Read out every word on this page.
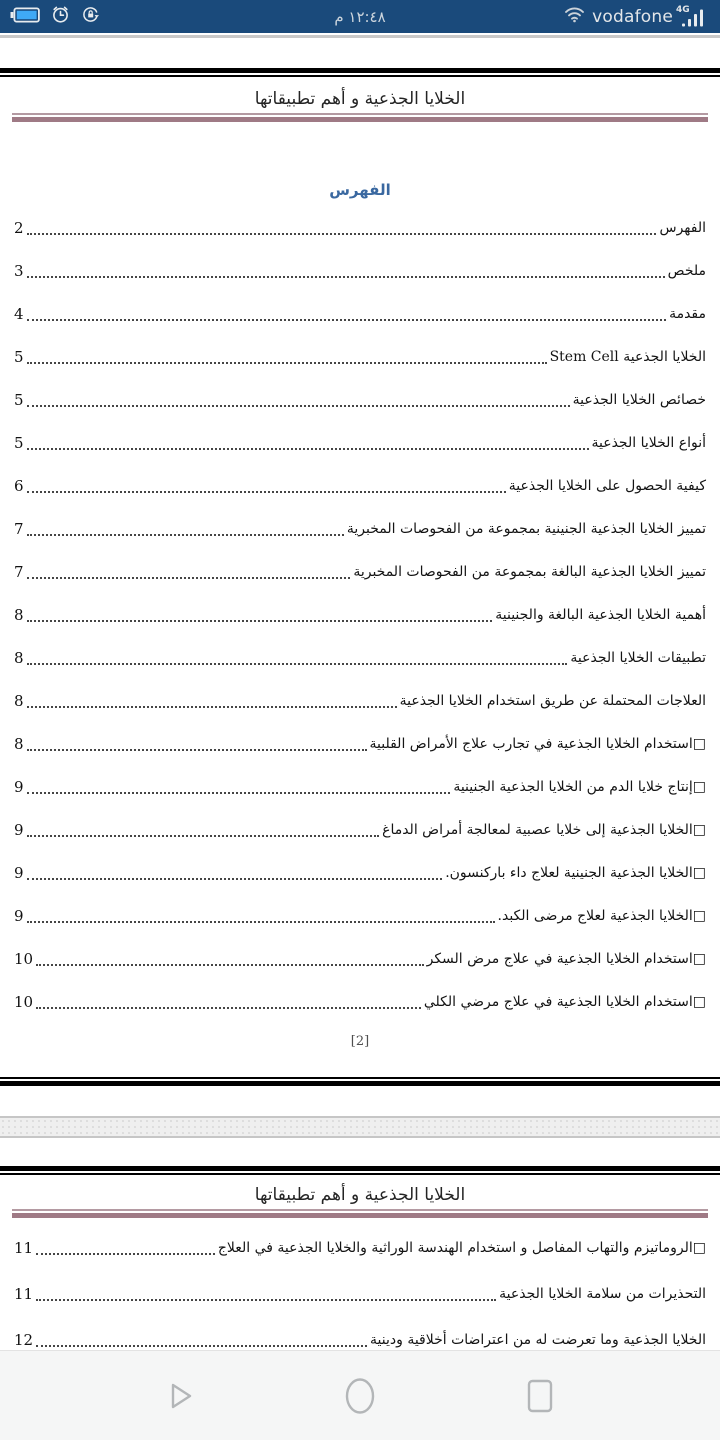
١٢:٤٨ م	vodafone 4G
الخلايا الجذعية و أهم تطبيقاتها
الفهرس
الفهرس
2
ملخص
3
مقدمة
4
الخلايا الجذعية Stem Cell
5
خصائص الخلايا الجذعية
5
أنواع الخلايا الجذعية
5
كيفية الحصول على الخلايا الجذعية
6
تمييز الخلايا الجذعية الجنينية بمجموعة من الفحوصات المخبرية
7
تمييز الخلايا الجذعية البالغة بمجموعة من الفحوصات المخبرية
7
أهمية الخلايا الجذعية البالغة والجنينية
8
تطبيقات الخلايا الجذعية
8
العلاجات المحتملة عن طريق استخدام الخلايا الجذعية
8
□استخدام الخلايا الجذعية في تجارب علاج الأمراض القلبية
8
□إنتاج خلايا الدم من الخلايا الجذعية الجنينية
9
□الخلايا الجذعية إلى خلايا عصبية لمعالجة أمراض الدماغ
9
□الخلايا الجذعية الجنينية لعلاج داء باركنسون.
9
□الخلايا الجذعية لعلاج مرضى الكبد.
9
□استخدام الخلايا الجذعية في علاج مرض السكر
10
□استخدام الخلايا الجذعية في علاج مرضي الكلي
10
[2]
الخلايا الجذعية و أهم تطبيقاتها
□الروماتيزم والتهاب المفاصل و استخدام الهندسة الوراثية والخلايا الجذعية في العلاج
11
التحذيرات من سلامة الخلايا الجذعية
11
الخلايا الجذعية وما تعرضت له من اعتراضات أخلاقية ودينية
12
